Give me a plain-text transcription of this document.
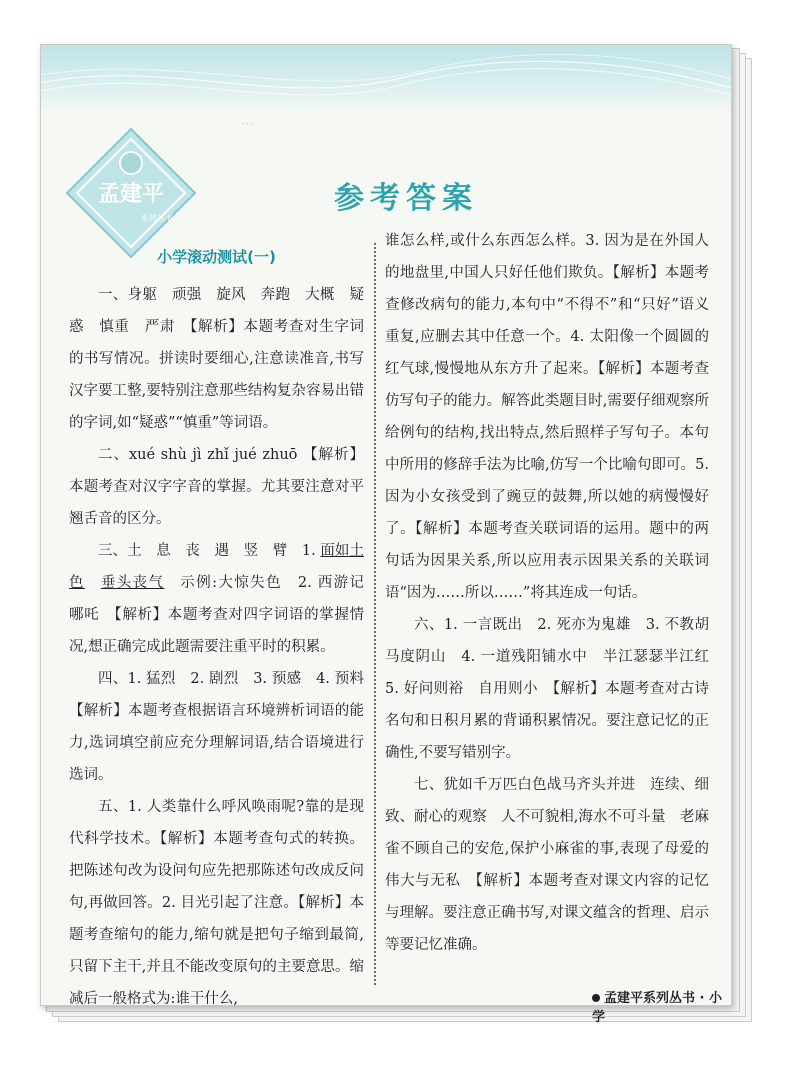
···
孟建平
系列丛书
参考答案
小学滚动测试(一)

一、身躯　顽强　旋风　奔跑　大概　疑惑　慎重　严肃　【解析】本题考查对生字词的书写情况。拼读时要细心,注意读准音,书写汉字要工整,要特别注意那些结构复杂容易出错的字词,如“疑惑”“慎重”等词语。

二、xué shù jì zhǐ jué zhuō 【解析】本题考查对汉字字音的掌握。尤其要注意对平翘舌音的区分。

三、土　息　丧　遇　竖　臂　1. 面如土色　 垂头丧气　示例:大惊失色　2. 西游记　哪吒　【解析】本题考查对四字词语的掌握情况,想正确完成此题需要注重平时的积累。

四、1. 猛烈　2. 剧烈　3. 预感　4. 预料　【解析】本题考查根据语言环境辨析词语的能力,选词填空前应充分理解词语,结合语境进行选词。

五、1. 人类靠什么呼风唤雨呢?靠的是现代科学技术。【解析】本题考查句式的转换。把陈述句改为设问句应先把那陈述句改成反问句,再做回答。2. 目光引起了注意。【解析】本题考查缩句的能力,缩句就是把句子缩到最简,只留下主干,并且不能改变原句的主要意思。缩减后一般格式为:谁干什么,

谁怎么样,或什么东西怎么样。3. 因为是在外国人的地盘里,中国人只好任他们欺负。【解析】本题考查修改病句的能力,本句中“不得不”和“只好”语义重复,应删去其中任意一个。4. 太阳像一个圆圆的红气球,慢慢地从东方升了起来。【解析】本题考查仿写句子的能力。解答此类题目时,需要仔细观察所给例句的结构,找出特点,然后照样子写句子。本句中所用的修辞手法为比喻,仿写一个比喻句即可。5. 因为小女孩受到了豌豆的鼓舞,所以她的病慢慢好了。【解析】本题考查关联词语的运用。题中的两句话为因果关系,所以应用表示因果关系的关联词语“因为……所以……”将其连成一句话。

六、1. 一言既出　2. 死亦为鬼雄　3. 不教胡马度阴山　4. 一道残阳铺水中　半江瑟瑟半江红　5. 好问则裕　自用则小　【解析】本题考查对古诗名句和日积月累的背诵积累情况。要注意记忆的正确性,不要写错别字。

七、犹如千万匹白色战马齐头并进　连续、细致、耐心的观察　人不可貌相,海水不可斗量　老麻雀不顾自己的安危,保护小麻雀的事,表现了母爱的伟大与无私　【解析】本题考查对课文内容的记忆与理解。要注意正确书写,对课文蕴含的哲理、启示等要记忆准确。

孟建平系列丛书 · 小学
